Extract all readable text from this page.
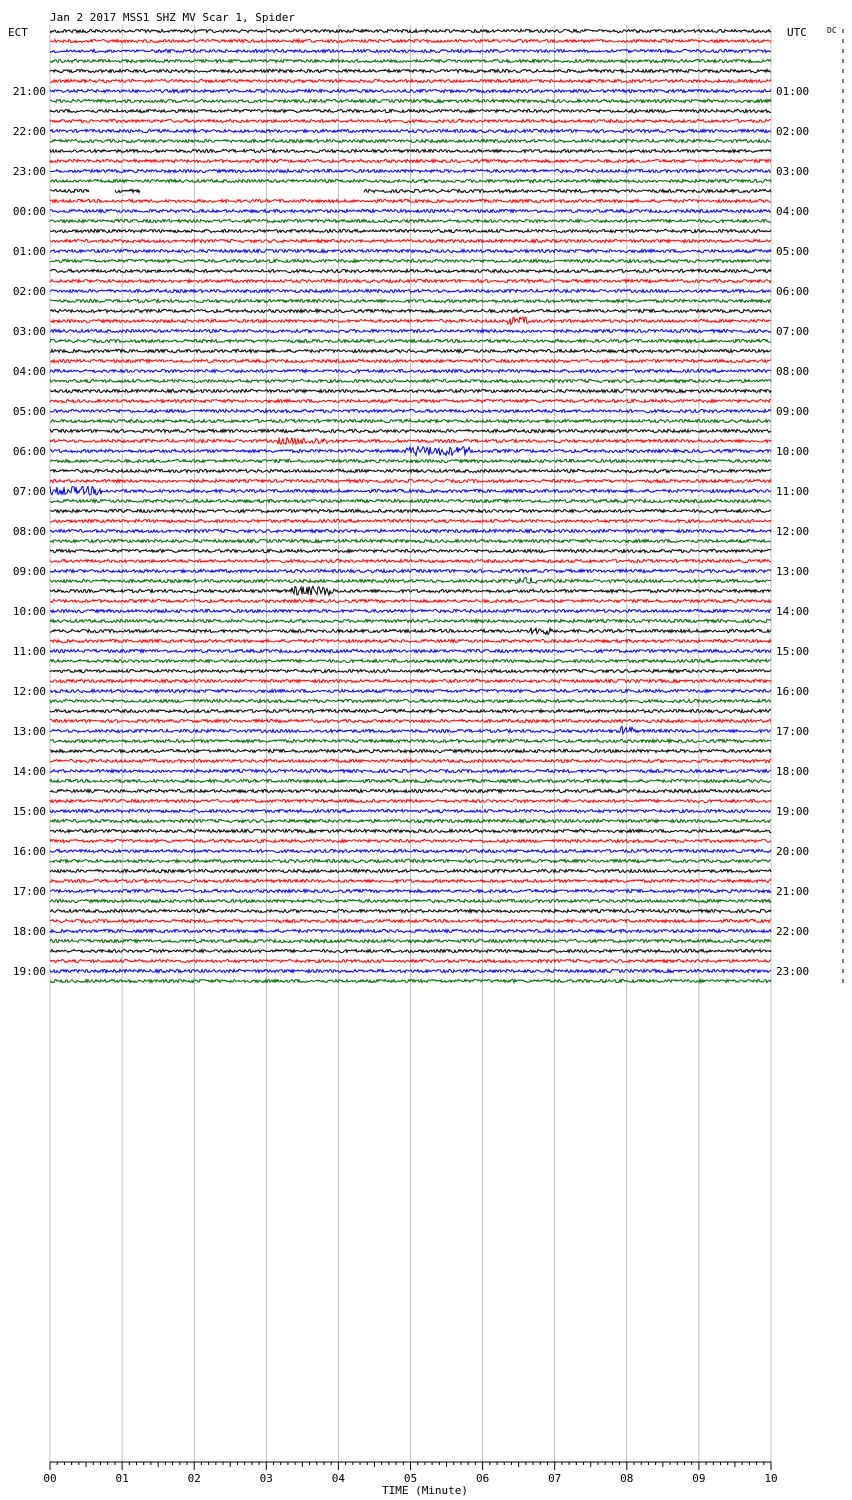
Jan 2 2017 MSS1 SHZ MV Scar 1, Spider
ECT	UTC	DC
21:00
22:00
23:00
00:00
01:00
02:00
03:00
04:00
05:00
06:00
07:00
08:00
09:00
10:00
11:00
12:00
13:00
14:00
15:00
16:00
17:00
18:00
19:00
01:00
02:00
03:00
04:00
05:00
06:00
07:00
08:00
09:00
10:00
11:00
12:00
13:00
14:00
15:00
16:00
17:00
18:00
19:00
20:00
21:00
22:00
23:00
00	01	02	03	04	05	06	07	08	09	10
TIME (Minute)
